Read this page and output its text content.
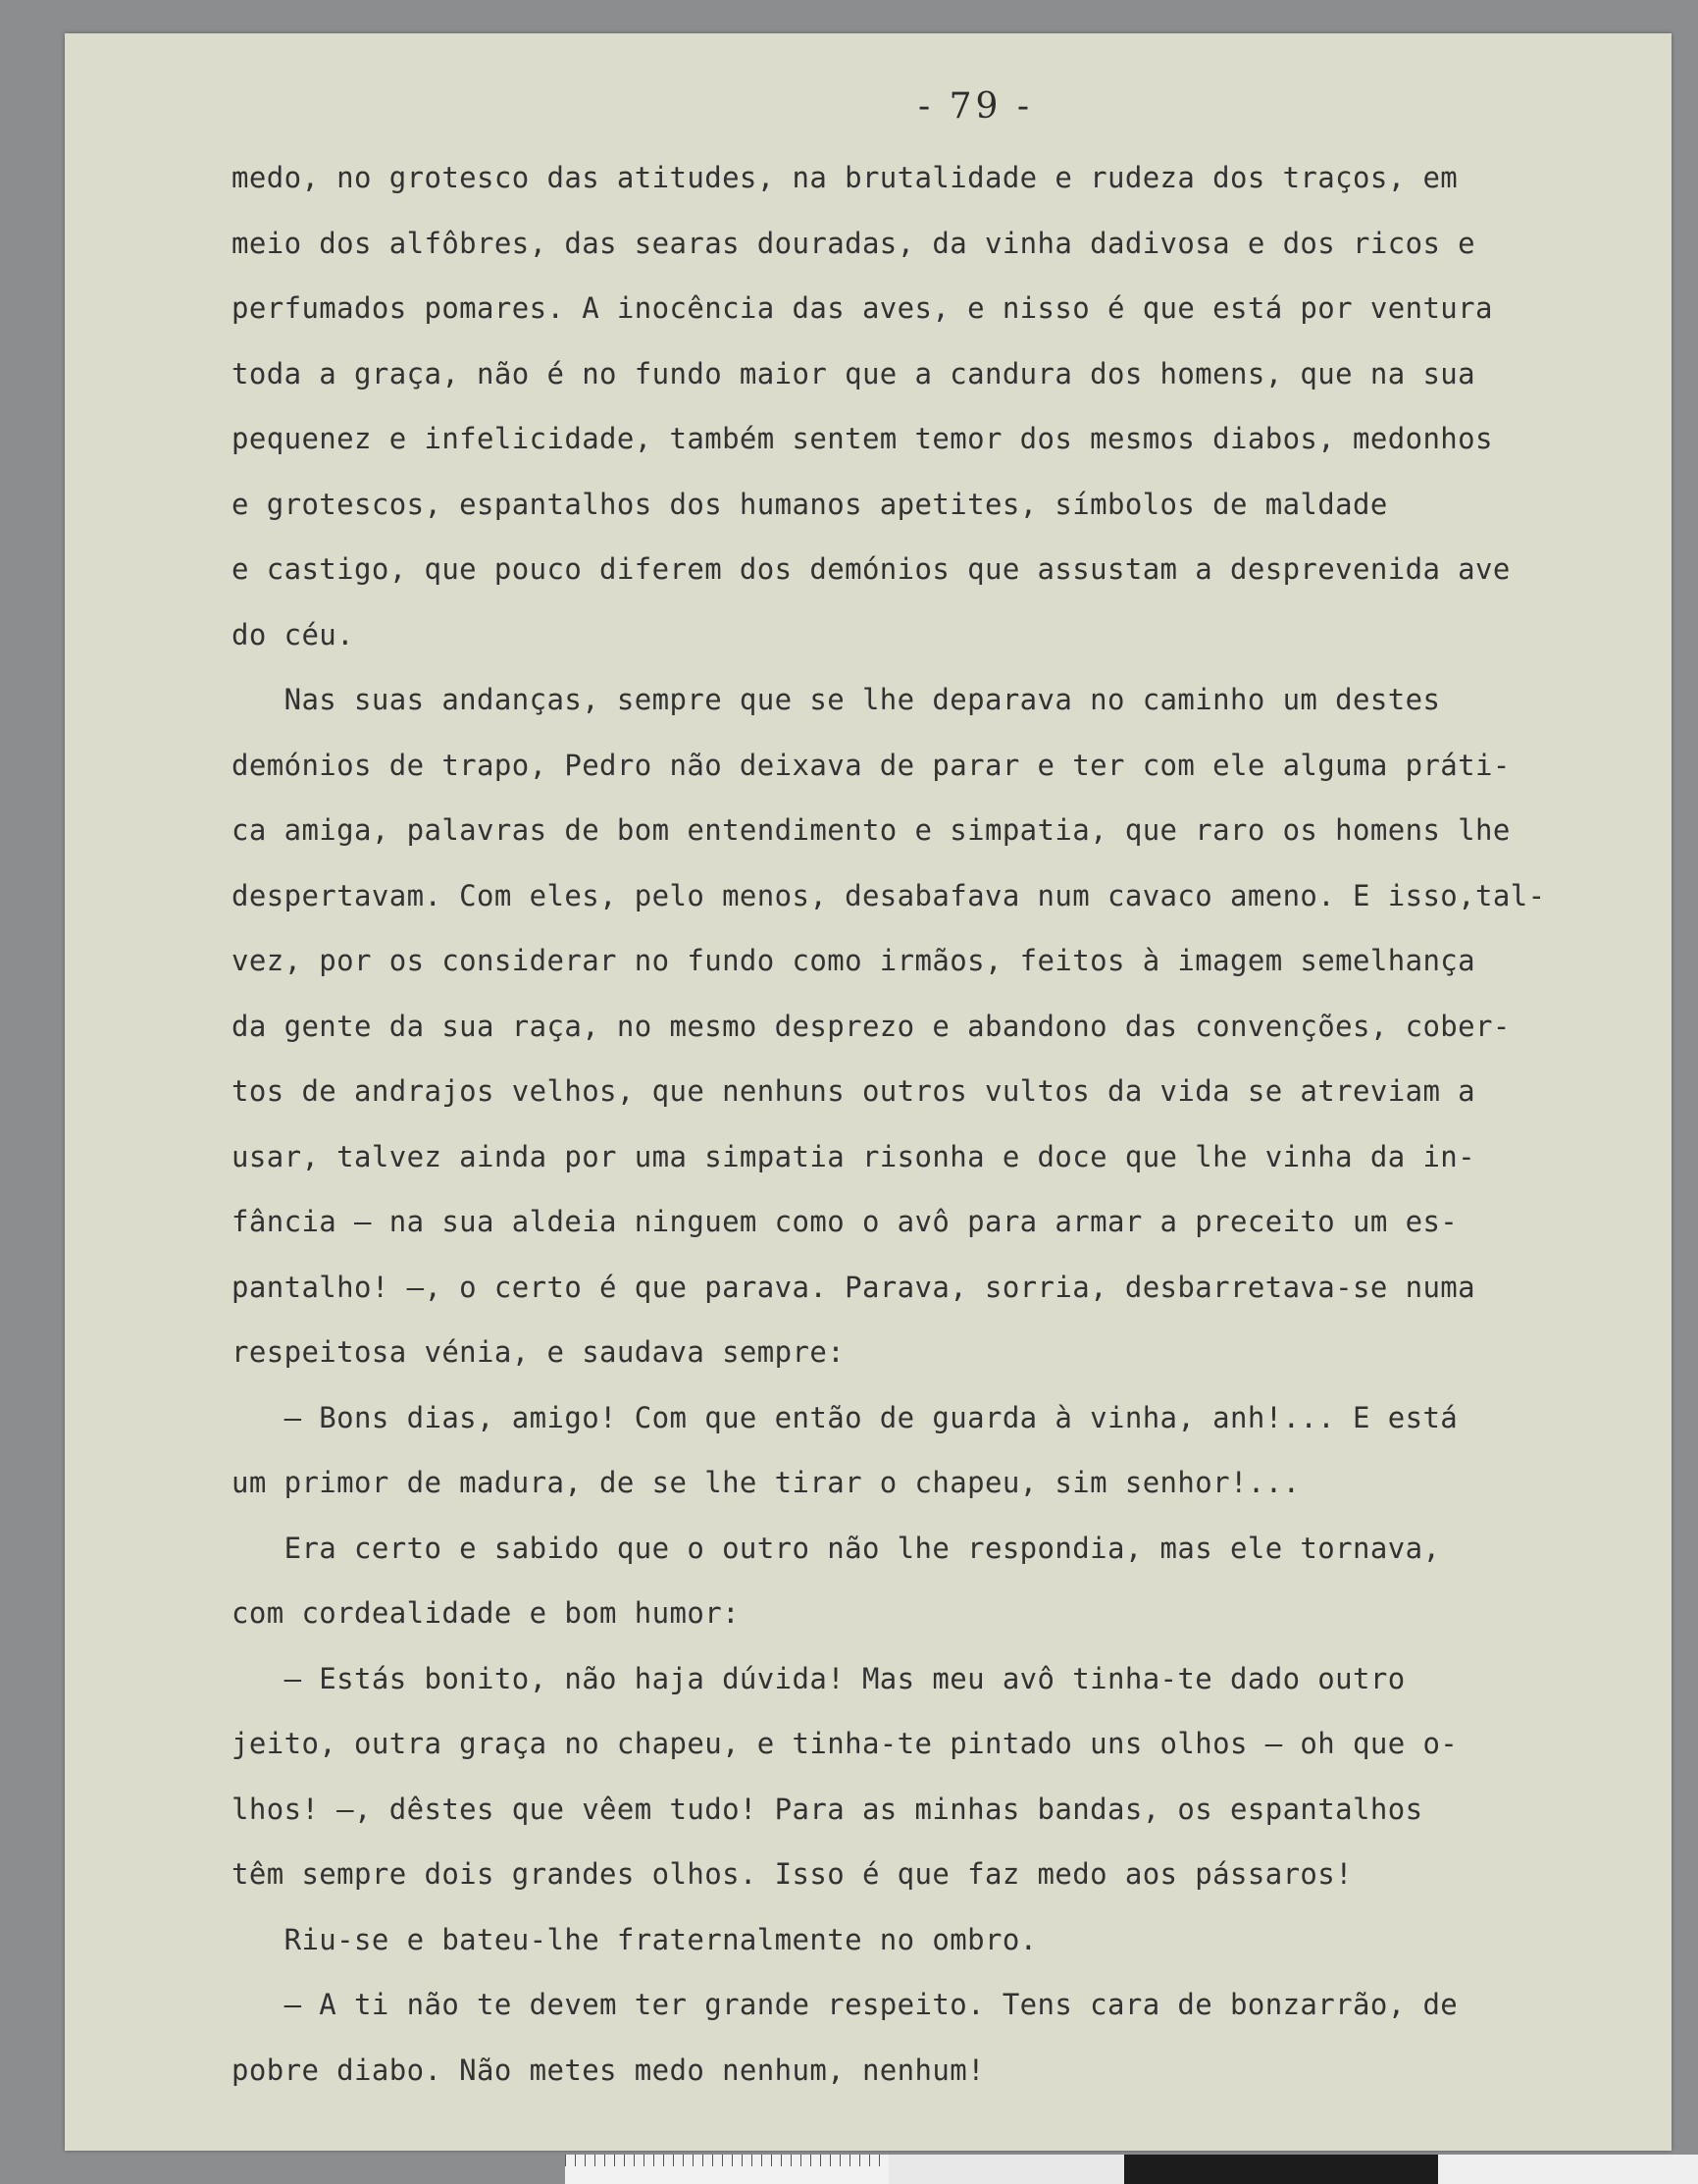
- 79 -
medo, no grotesco das atitudes, na brutalidade e rudeza dos traços, em
meio dos alfôbres, das searas douradas, da vinha dadivosa e dos ricos e
perfumados pomares. A inocência das aves, e nisso é que está por ventura
toda a graça, não é no fundo maior que a candura dos homens, que na sua
pequenez e infelicidade, também sentem temor dos mesmos diabos, medonhos
e grotescos, espantalhos dos humanos apetites, símbolos de maldade
e castigo, que pouco diferem dos demónios que assustam a desprevenida ave
do céu.
Nas suas andanças, sempre que se lhe deparava no caminho um destes
demónios de trapo, Pedro não deixava de parar e ter com ele alguma práti-
ca amiga, palavras de bom entendimento e simpatia, que raro os homens lhe
despertavam. Com eles, pelo menos, desabafava num cavaco ameno. E isso,tal-
vez, por os considerar no fundo como irmãos, feitos à imagem semelhança
da gente da sua raça, no mesmo desprezo e abandono das convenções, cober-
tos de andrajos velhos, que nenhuns outros vultos da vida se atreviam a
usar, talvez ainda por uma simpatia risonha e doce que lhe vinha da in-
fância — na sua aldeia ninguem como o avô para armar a preceito um es-
pantalho! —, o certo é que parava. Parava, sorria, desbarretava-se numa
respeitosa vénia, e saudava sempre:
— Bons dias, amigo! Com que então de guarda à vinha, anh!... E está
um primor de madura, de se lhe tirar o chapeu, sim senhor!...
Era certo e sabido que o outro não lhe respondia, mas ele tornava,
com cordealidade e bom humor:
— Estás bonito, não haja dúvida! Mas meu avô tinha-te dado outro
jeito, outra graça no chapeu, e tinha-te pintado uns olhos — oh que o-
lhos! —, dêstes que vêem tudo! Para as minhas bandas, os espantalhos
têm sempre dois grandes olhos. Isso é que faz medo aos pássaros!
Riu-se e bateu-lhe fraternalmente no ombro.
— A ti não te devem ter grande respeito. Tens cara de bonzarrão, de
pobre diabo. Não metes medo nenhum, nenhum!
